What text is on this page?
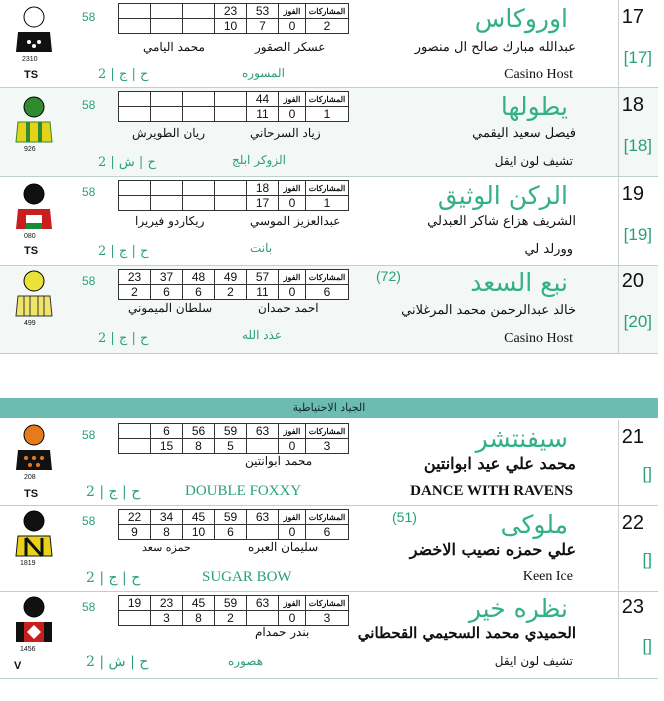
2310
TS
58
				23	53	الفوز	المشاركات
			10	7	0	2	اوروكاس	17
[17]
عبدالله مبارك صالح ال منصور
عسكر الصقور
محمد اليامي
Casino Host
المسوره
ح | ج | 2
926
58
					44	الفوز	المشاركات
				11	0	1	يطولها	18
[18]
فيصل سعيد اليقمي
زياد السرحاني
ريان الطويرش
تشيف لون ايقل
الزوكر ابلج
ح | ش | 2
080
TS
58
					18	الفوز	المشاركات
				17	0	1	الركن الوثيق	19
[19]
الشريف هزاع شاكر العبدلي
عبدالعزيز الموسي
ريكاردو فيريرا
وورلد لي
بانت
ح | ج | 2
499
58	23	37	48	49	57	الفوز	المشاركات
2	6	6	2	11	0	6
(72)	نبع السعد	20
[20]
خالد عبدالرحمن محمد المرغلاني
احمد حمدان
سلطان الميموني
Casino Host
عذد الله
ح | ج | 2
الجياد الاحتياطية
208
TS
58
		6	56	59	63	الفوز	المشاركات
	15	8	5		0	3	سيفنتشر	21
[]
محمد علي عيد ابوانتين
محمد ابوانتين
DANCE WITH RAVENS
DOUBLE FOXXY
ح | ج | 2
1819
58	22	34	45	59	63	الفوز	المشاركات
9	8	10	6		0	6
(51)	ملوكى	22
[]
علي حمزه نصيب الاخضر
سليمان العبره
حمزه سعد
Keen Ice
SUGAR BOW
ح | ج | 2
1456
V
58	19	23	45	59	63	الفوز	المشاركات
	3	8	2		0	3	نظره خير	23
[]
الحميدي محمد السحيمي القحطاني
بندر حمدام
تشيف لون ايقل
هصوره
ح | ش | 2
